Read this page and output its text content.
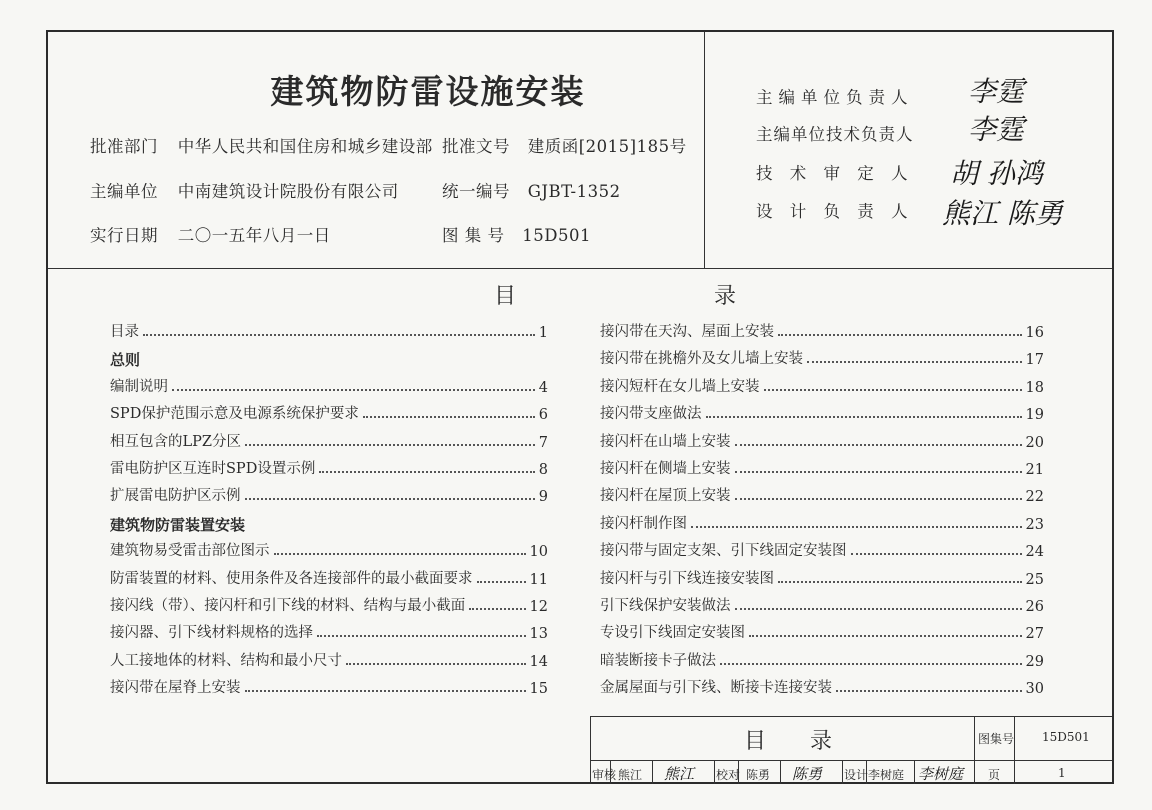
建筑物防雷设施安装
批准部门 中华人民共和国住房和城乡建设部 批准文号 建质函[2015]185号
主编单位 中南建筑设计院股份有限公司	统一编号 GJBT-1352
实行日期 二〇一五年八月一日	图 集 号 15D501
主编单位负责人 李霆
主编单位技术负责人 李霆
技 术 审 定 人 胡 孙鸿
设 计 负 责 人 熊江 陈勇
目　　　　　　　　　录
目录	1
总则
编制说明	4
SPD保护范围示意及电源系统保护要求	6
相互包含的LPZ分区	7
雷电防护区互连时SPD设置示例	8
扩展雷电防护区示例	9
建筑物防雷装置安装
建筑物易受雷击部位图示	10
防雷装置的材料、使用条件及各连接部件的最小截面要求	11
接闪线（带）、接闪杆和引下线的材料、结构与最小截面	12
接闪器、引下线材料规格的选择	13
人工接地体的材料、结构和最小尺寸	14
接闪带在屋脊上安装	15
接闪带在天沟、屋面上安装	16
接闪带在挑檐外及女儿墙上安装	17
接闪短杆在女儿墙上安装	18
接闪带支座做法	19
接闪杆在山墙上安装	20
接闪杆在侧墙上安装	21
接闪杆在屋顶上安装	22
接闪杆制作图	23
接闪带与固定支架、引下线固定安装图	24
接闪杆与引下线连接安装图	25
引下线保护安装做法	26
专设引下线固定安装图	27
暗装断接卡子做法	29
金属屋面与引下线、断接卡连接安装	30
目　　录	图集号 15D501
审核 熊江 熊江 校对 陈勇 陈勇 设计 李树庭 李树庭 页	1
